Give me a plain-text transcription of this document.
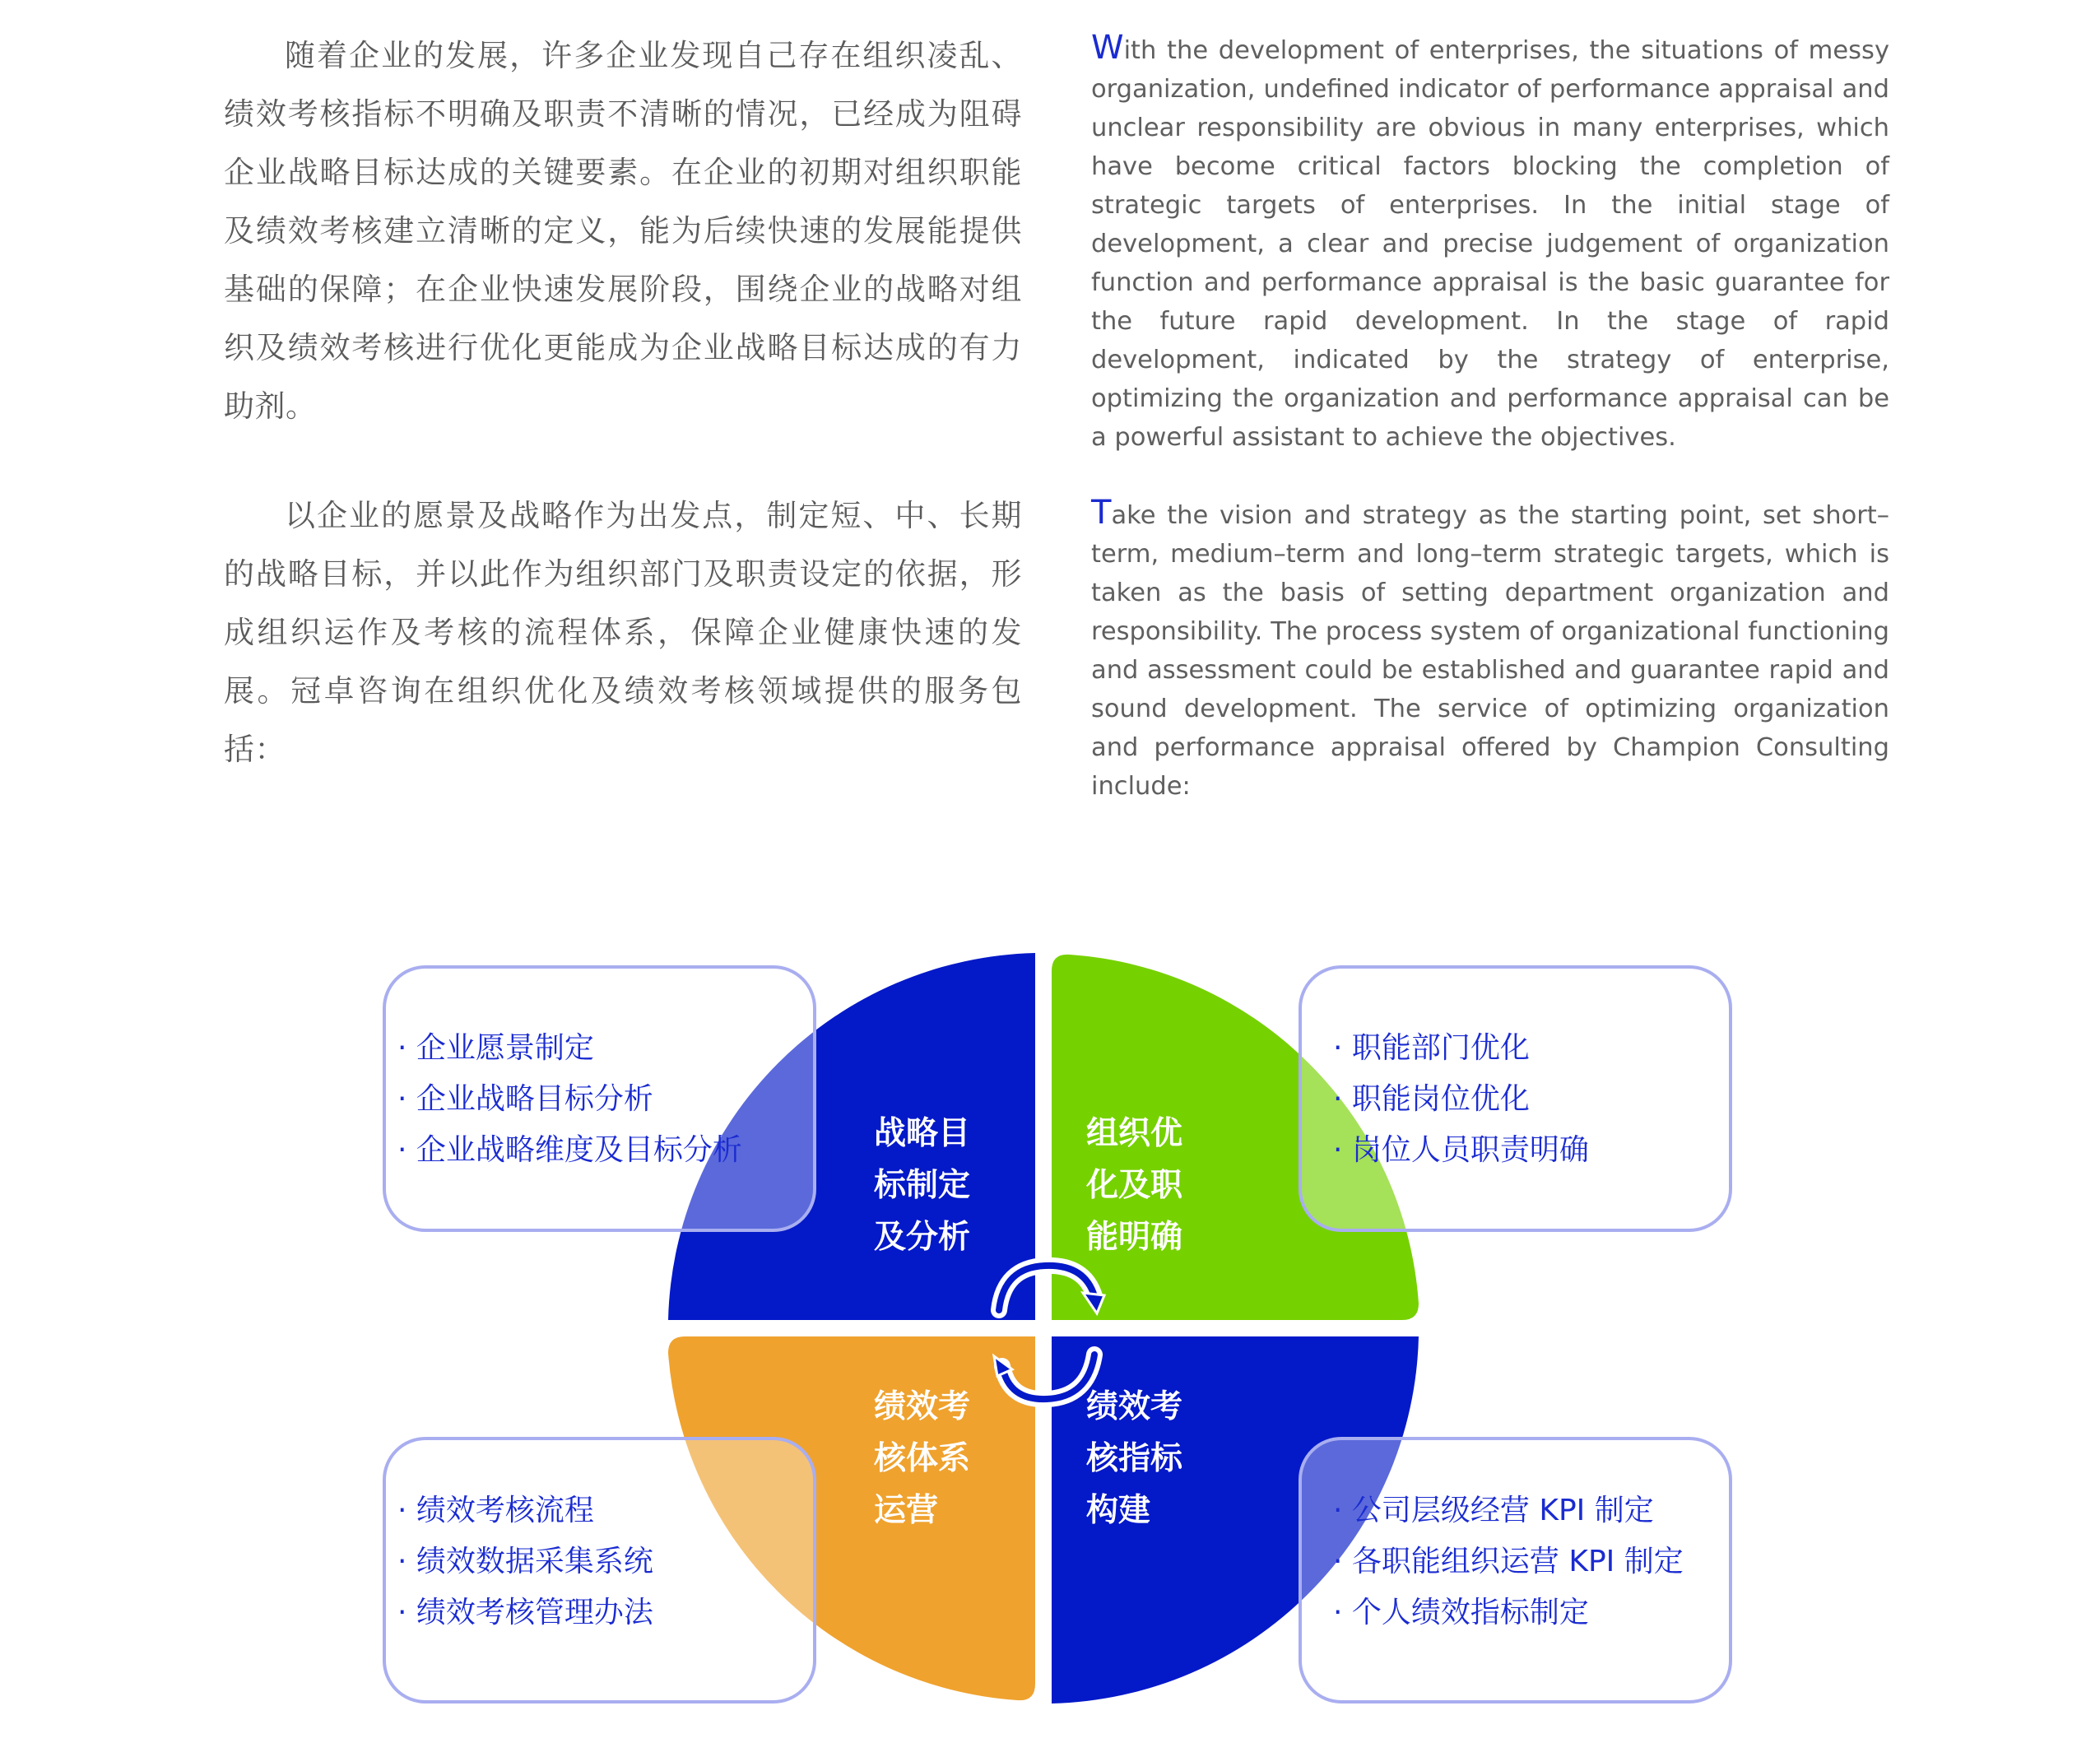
随着企业的发展，许多企业发现自己存在组织凌乱、绩效考核指标不明确及职责不清晰的情况，已经成为阻碍企业战略目标达成的关键要素。在企业的初期对组织职能及绩效考核建立清晰的定义，能为后续快速的发展能提供基础的保障；在企业快速发展阶段，围绕企业的战略对组织及绩效考核进行优化更能成为企业战略目标达成的有力助剂。

以企业的愿景及战略作为出发点，制定短、中、长期的战略目标，并以此作为组织部门及职责设定的依据，形成组织运作及考核的流程体系，保障企业健康快速的发展。冠卓咨询在组织优化及绩效考核领域提供的服务包括：

With the development of enterprises, the situations of messy organization, undefined indicator of performance appraisal and unclear responsibility are obvious in many enterprises, which have become critical factors blocking the completion of strategic targets of enterprises. In the initial stage of development, a clear and precise judgement of organization function and performance appraisal is the basic guarantee for the future rapid development. In the stage of rapid development, indicated by the strategy of enterprise, optimizing the organization and performance appraisal can be a powerful assistant to achieve the objectives.

Take the vision and strategy as the starting point, set short–term, medium–term and long–term strategic targets, which is taken as the basis of setting department organization and responsibility. The process system of organizational functioning and assessment could be established and guarantee rapid and sound development. The service of optimizing organization and performance appraisal offered by Champion Consulting include:

战略目
标制定
及分析
组织优
化及职
能明确
绩效考
核体系
运营
绩效考
核指标
构建
· 企业愿景制定
· 企业战略目标分析
· 企业战略维度及目标分析
· 职能部门优化
· 职能岗位优化
· 岗位人员职责明确
· 绩效考核流程
· 绩效数据采集系统
· 绩效考核管理办法
· 公司层级经营 KPI 制定
· 各职能组织运营 KPI 制定
· 个人绩效指标制定
